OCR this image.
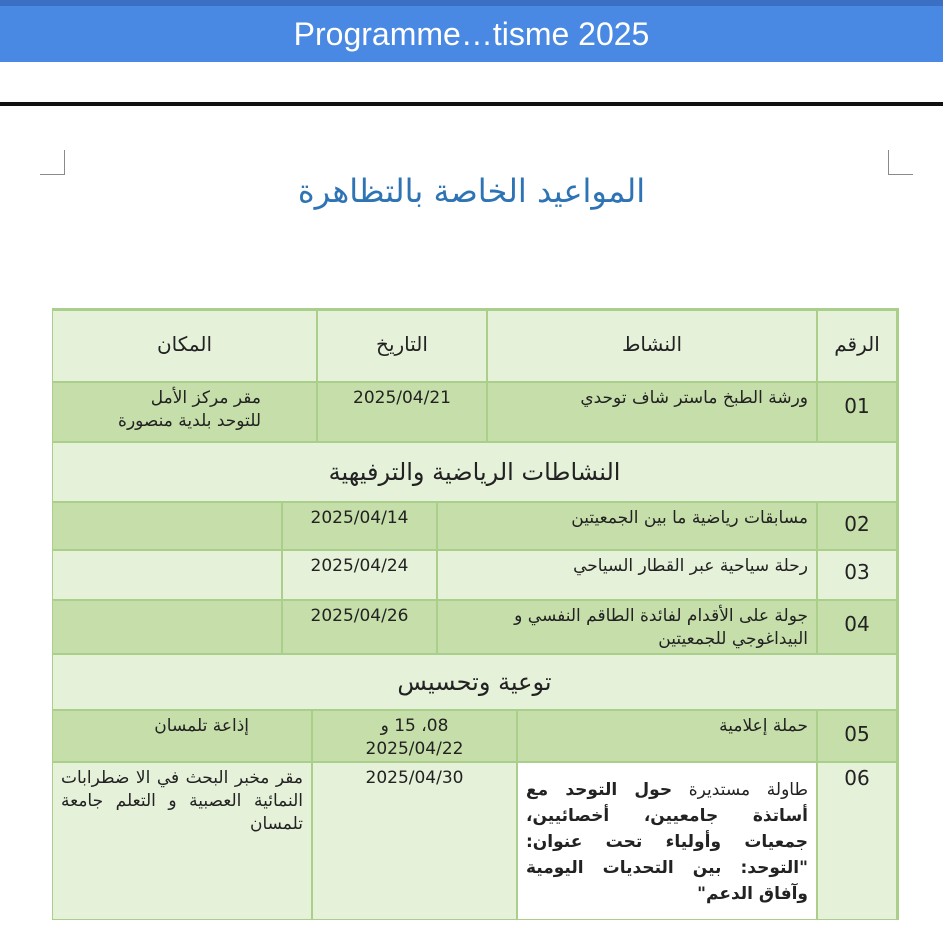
Programme…tisme 2025
المواعيد الخاصة بالتظاهرة
الرقم
النش‍اط
التاري‍خ
المك‍ان
01
ورشة الطبخ ماستر شاف توحدي
2025/04/21
مقر مركز الأمل
للتوحد بلدية منصورة
النشاطات الرياضية والترفيهية
02
مسابقات رياضية ما بين الجمعيتين
2025/04/14
03
رحلة سياحية عبر القطار السياحي
2025/04/24
04
جولة على الأقدام لفائدة الطاقم النفسي و البيداغوجي للجمعيتين
2025/04/26
ت‍وعي‍ة وت‍حسي‍س
05
حملة إعلامية
08، 15 و
2025/04/22
إذاعة تلمسان
06
طاولة مستديرة حول التوحد مع أساتذة جامعيين، أخصائيين، جمعيات وأولياء تحت عنوان: "التوحد: بين التحديات اليومية وآفاق الدعم"
2025/04/30
مقر مخبر البحث في الا ضطرابات النمائية العصبية و التعلم جامعة تلمسان
